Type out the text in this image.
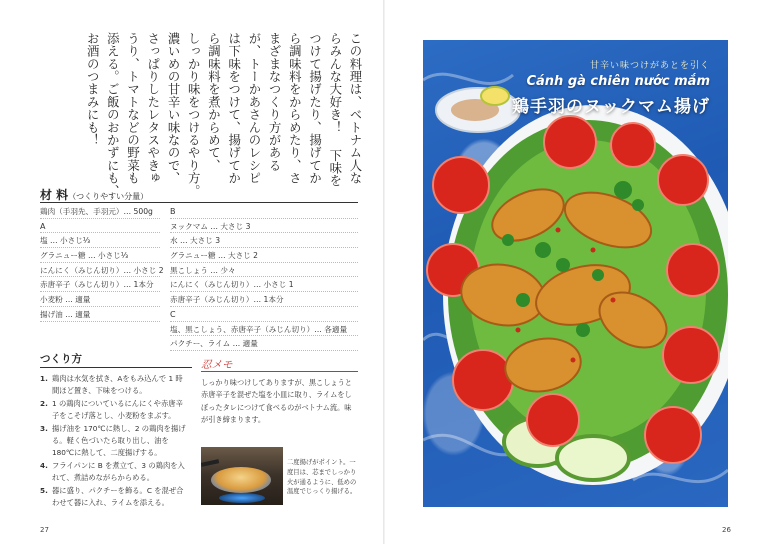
この料理は、ベトナム人な
らみんな大好き！ 下味を
つけて揚げたり、揚げてか
ら調味料をからめたり、さ
まざまなつくり方がある
が、トーかあさんのレシピ
は下味をつけて、揚げてか
ら調味料を煮からめて、
しっかり味をつけるやり方。
濃いめの甘辛い味なので、
さっぱりしたレタスやきゅ
うり、トマトなどの野菜も
添える。ご飯のおかずにも、
お酒のつまみにも！
材 料（つくりやすい分量）
鶏肉（手羽先、手羽元）… 500g
A
塩 … 小さじ⅓
グラニュー糖 … 小さじ⅓
にんにく（みじん切り）… 小さじ 2
赤唐辛子（みじん切り）… 1本分
小麦粉 … 適量
揚げ油 … 適量
B
ヌックマム … 大さじ 3
水 … 大さじ 3
グラニュー糖 … 大さじ 2
黒こしょう … 少々
にんにく（みじん切り）… 小さじ 1
赤唐辛子（みじん切り）… 1本分
C
塩、黒こしょう、赤唐辛子（みじん切り）… 各適量
パクチー、ライム … 適量
つくり方
1. 鶏肉は水気を拭き、Aをもみ込んで 1 時間ほど置き、下味をつける。
2. 1 の鶏肉についているにんにくや赤唐辛子をこそげ落とし、小麦粉をまぶす。
3. 揚げ油を 170℃に熱し、2 の鶏肉を揚げる。軽く色づいたら取り出し、油を 180℃に熱して、二度揚げする。
4. フライパンに B を煮立て、3 の鶏肉を入れて、煮詰めながらからめる。
5. 器に盛り、パクチーを飾る。C を混ぜ合わせて器に入れ、ライムを添える。
忍メモ
しっかり味つけしてありますが、黒こしょうと赤唐辛子を混ぜた塩を小皿に取り、ライムをしぼったタレにつけて食べるのがベトナム流。味が引き締まります。
二度揚げがポイント。一度目は、芯までしっかり火が通るように、低めの温度でじっくり揚げる。
27	26
甘辛い味つけがあとを引く
Cánh gà chiên nước mắm
鶏手羽のヌックマム揚げ
